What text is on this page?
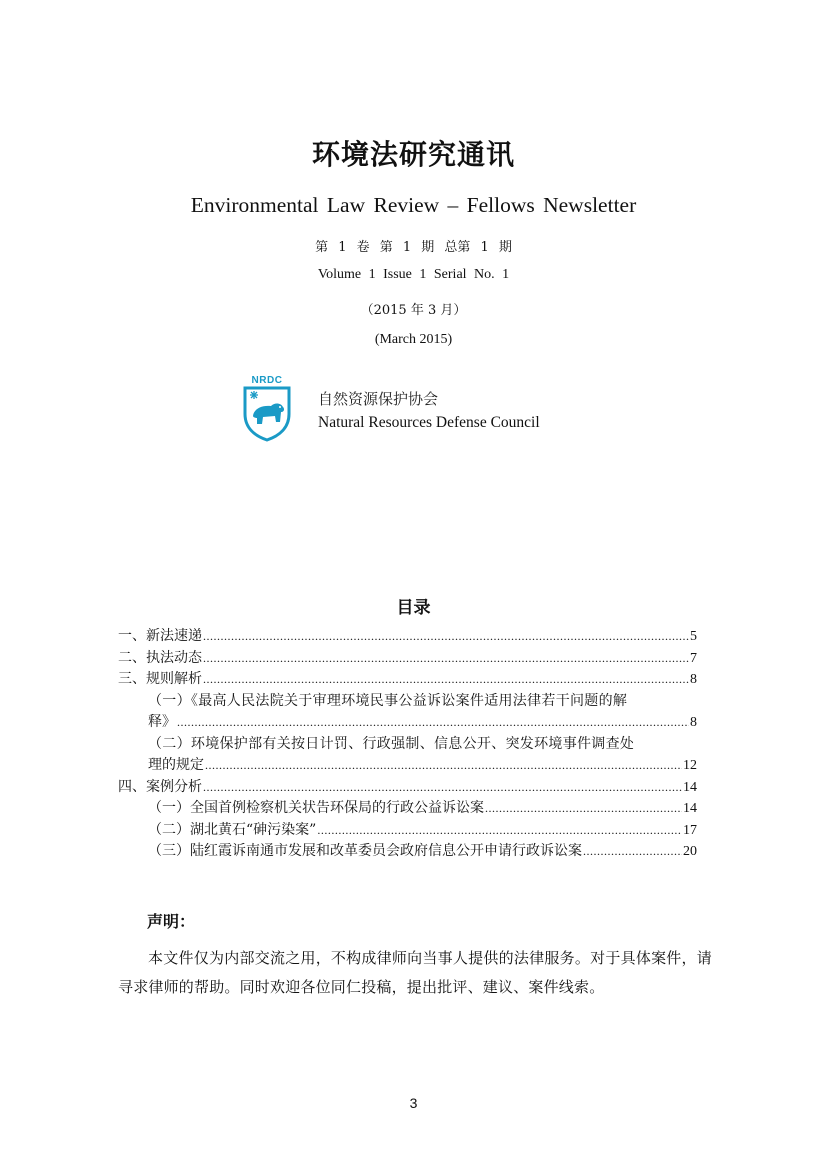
环境法研究通讯
Environmental Law Review – Fellows Newsletter
第 1 卷 第 1 期 总第 1 期
Volume 1 Issue 1 Serial No. 1
（2015 年 3 月）
(March 2015)
NRDC
自然资源保护协会
Natural Resources Defense Council
目录
一、新法速递 .....	5
二、执法动态 .....	7
三、规则解析 .....	8
（一）《最高人民法院关于审理环境民事公益诉讼案件适用法律若干问题的解
释》 .....	8
（二）环境保护部有关按日计罚、行政强制、信息公开、突发环境事件调查处
理的规定 .....	12
四、案例分析 .....	14
（一）全国首例检察机关状告环保局的行政公益诉讼案 .....	14
（二）湖北黄石“砷污染案” .....	17
（三）陆红霞诉南通市发展和改革委员会政府信息公开申请行政诉讼案 .....	20
声明：
本文件仅为内部交流之用，不构成律师向当事人提供的法律服务。对于具体案件，请寻求律师的帮助。同时欢迎各位同仁投稿，提出批评、建议、案件线索。
3
